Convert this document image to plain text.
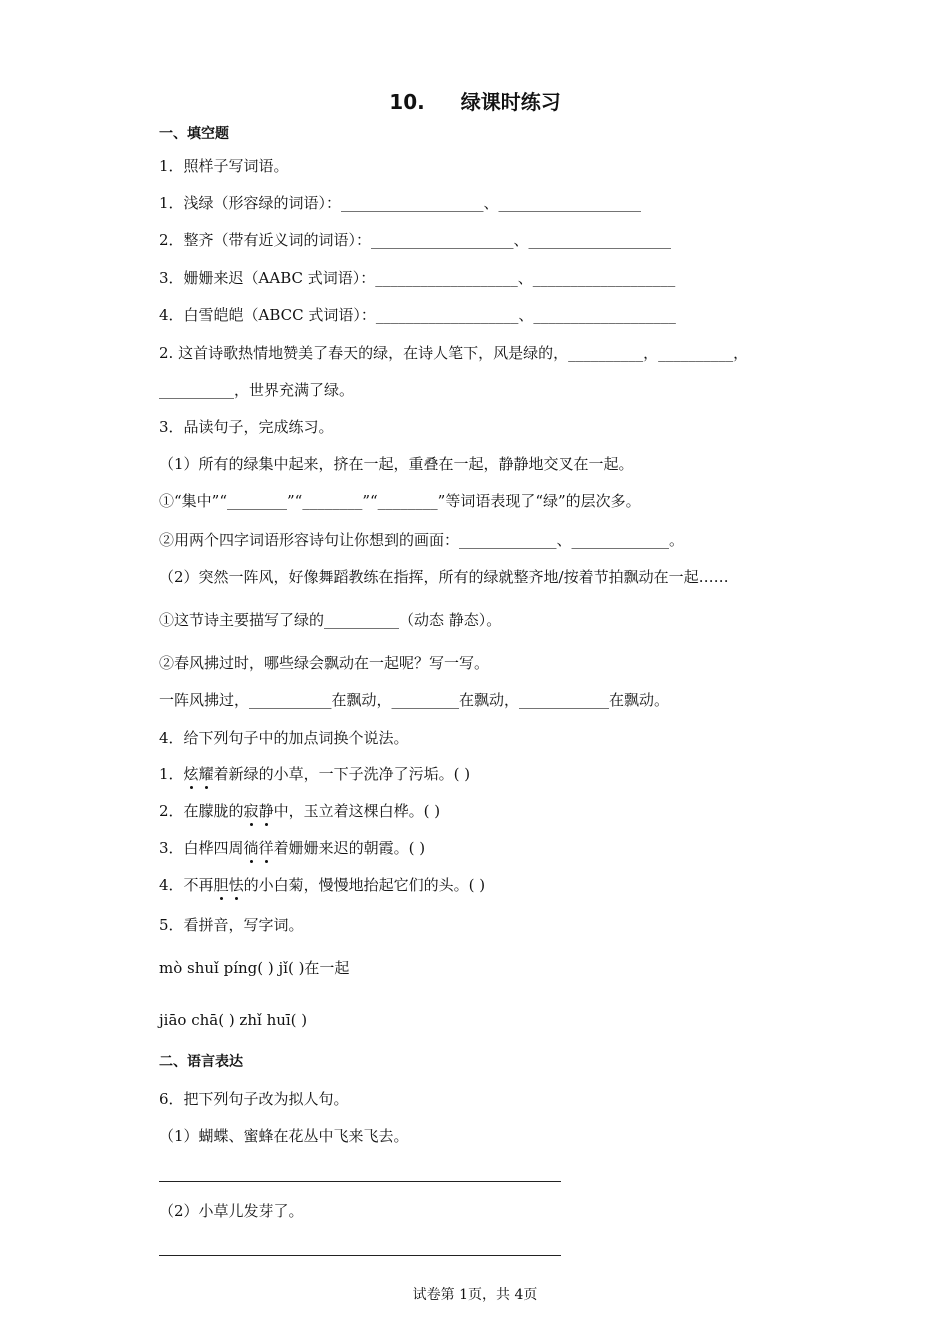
10. 绿课时练习
一、填空题
1．照样子写词语。
1．浅绿（形容绿的词语）：___________________、___________________
2．整齐（带有近义词的词语）：___________________、___________________
3．姗姗来迟（AABC 式词语）：___________________、___________________
4．白雪皑皑（ABCC 式词语）：___________________、___________________
2. 这首诗歌热情地赞美了春天的绿，在诗人笔下，风是绿的，__________，__________，
__________，世界充满了绿。
3．品读句子，完成练习。
（1）所有的绿集中起来，挤在一起，重叠在一起，静静地交叉在一起。
①“集中”“________”“________”“________”等词语表现了“绿”的层次多。
②用两个四字词语形容诗句让你想到的画面：_____________、_____________。
（2）突然一阵风，好像舞蹈教练在指挥，所有的绿就整齐地/按着节拍飘动在一起……
①这节诗主要描写了绿的__________（动态 静态）。
②春风拂过时，哪些绿会飘动在一起呢？写一写。
一阵风拂过，___________在飘动，_________在飘动，____________在飘动。
4．给下列句子中的加点词换个说法。
1．炫耀着新绿的小草，一下子洗净了污垢。( )
2．在朦胧的寂静中，玉立着这棵白桦。( )
3．白桦四周徜徉着姗姗来迟的朝霞。( )
4．不再胆怯的小白菊，慢慢地抬起它们的头。( )
5．看拼音，写字词。
mò shuǐ píng( ) jǐ( )在一起
jiāo chā( ) zhǐ huī( )
二、语言表达
6．把下列句子改为拟人句。
（1）蝴蝶、蜜蜂在花丛中飞来飞去。
（2）小草儿发芽了。
试卷第 1页，共 4页
